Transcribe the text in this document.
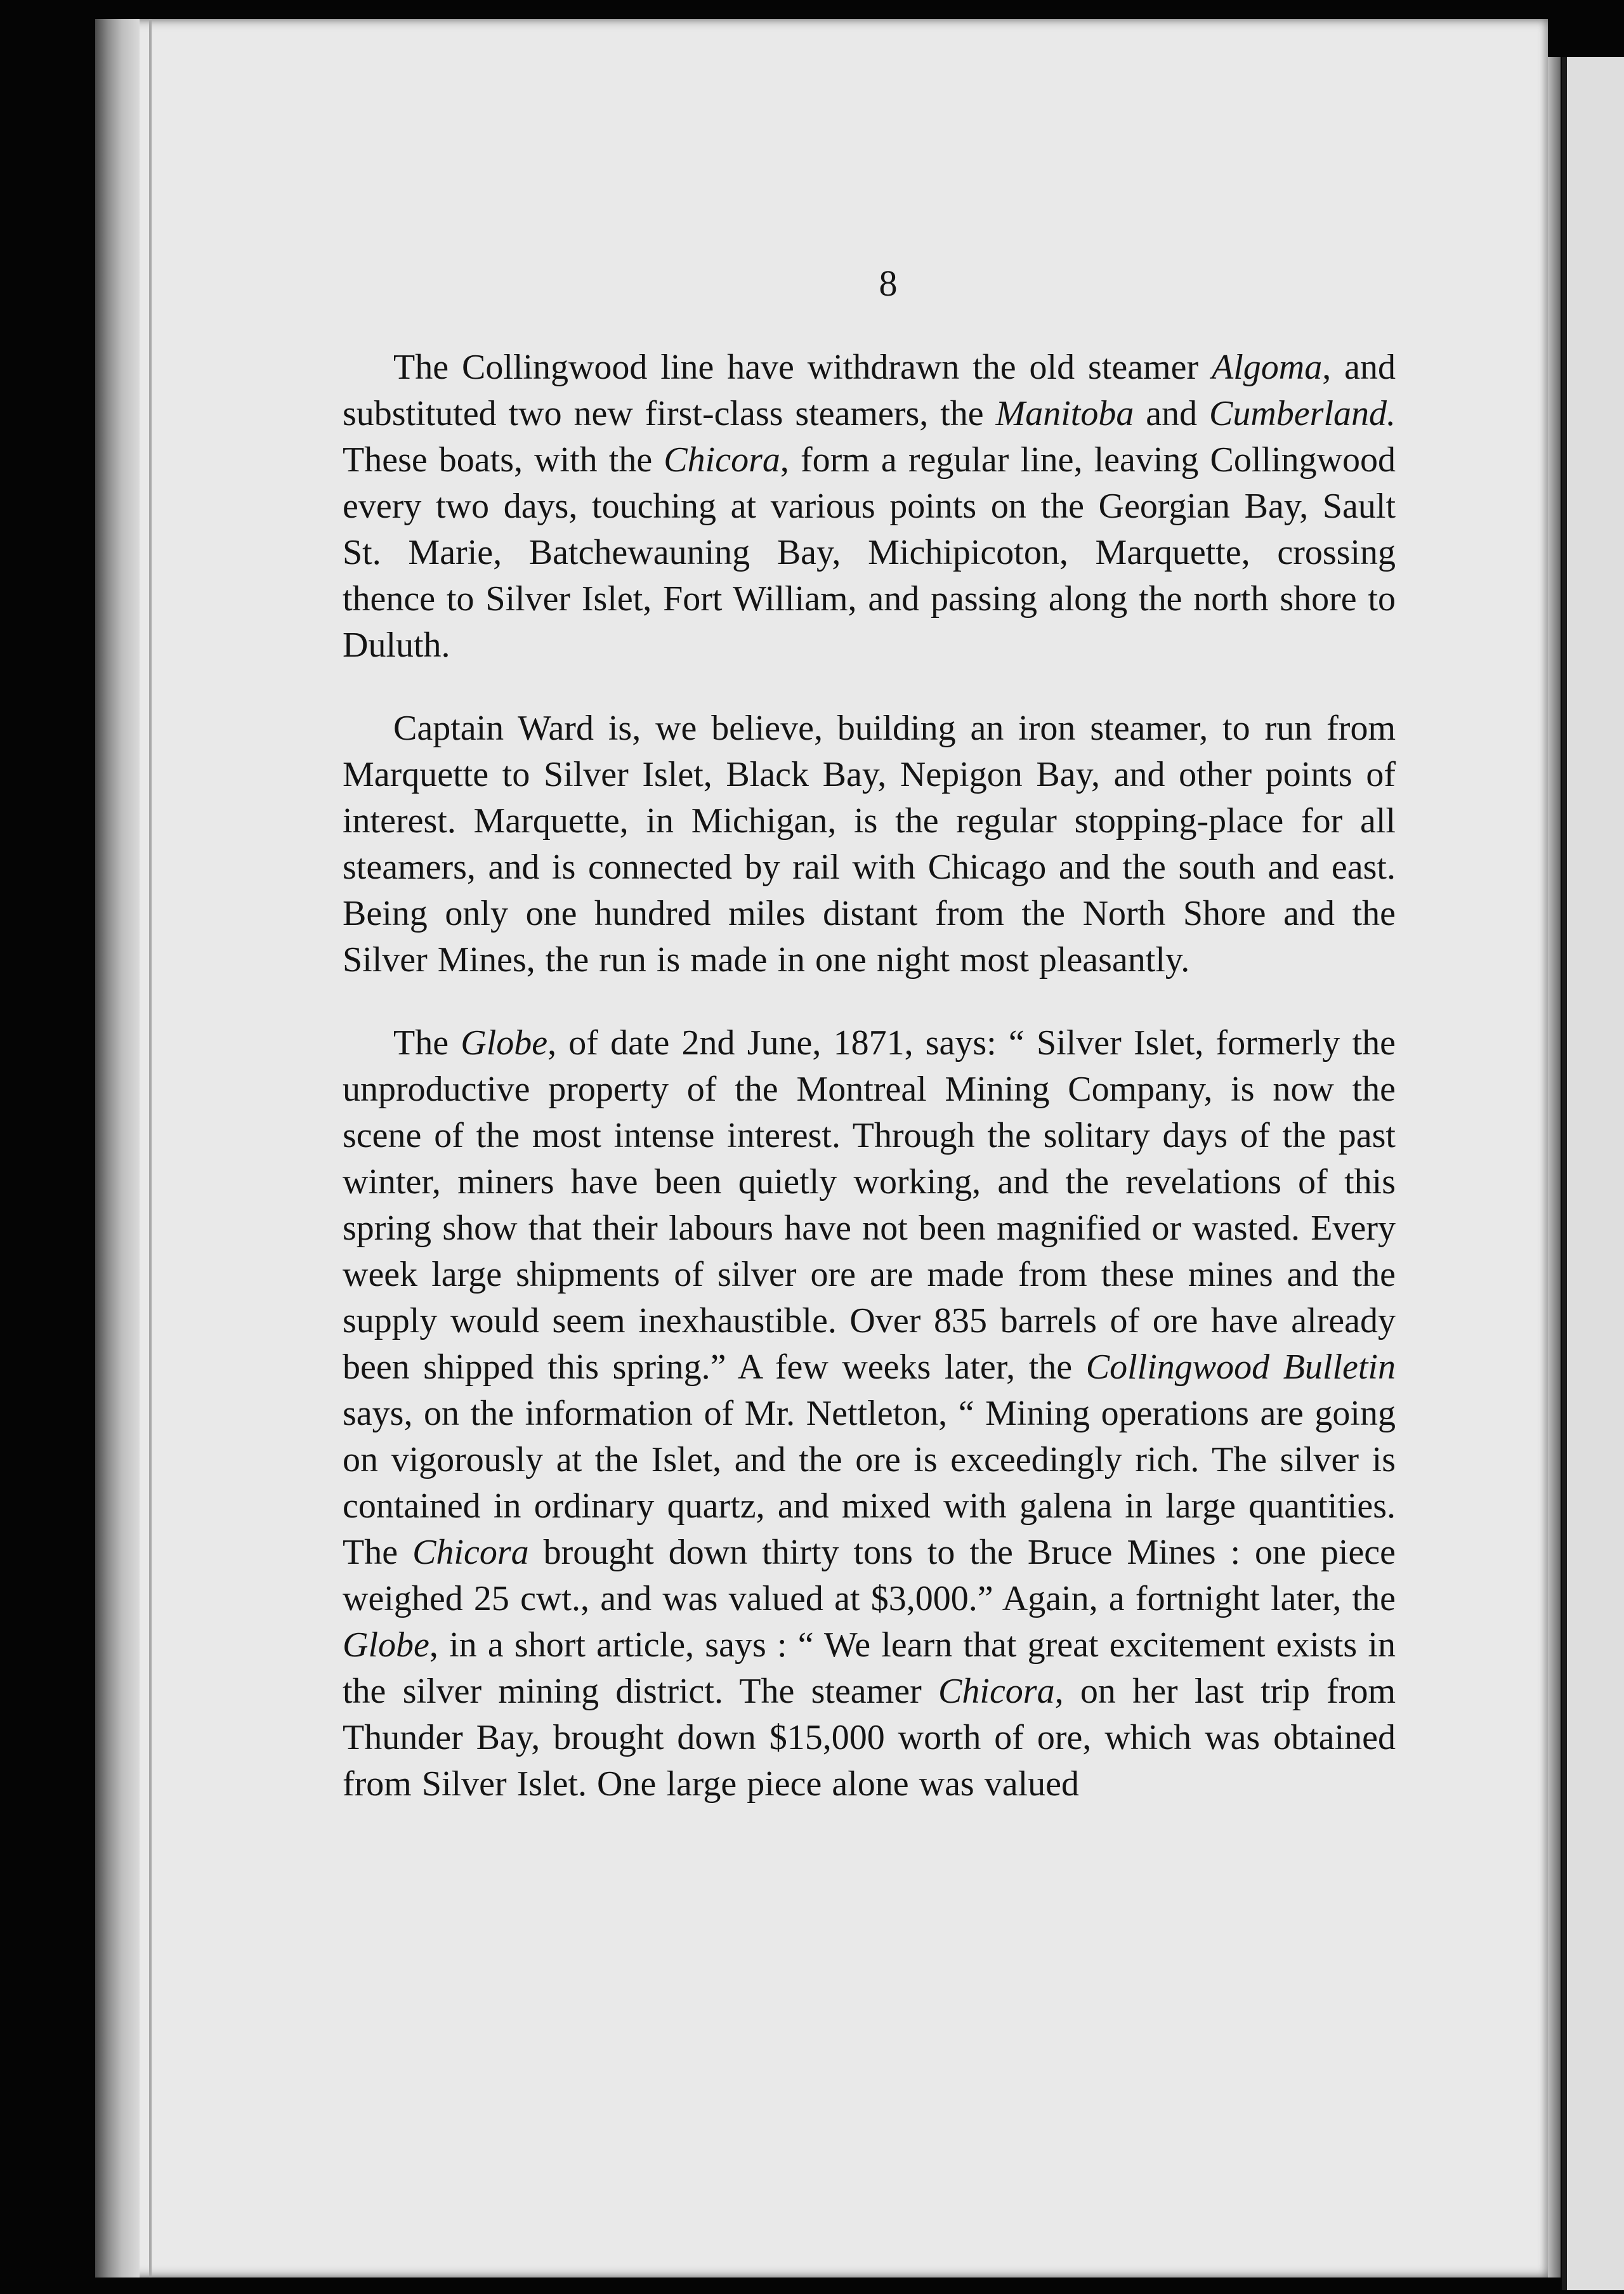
8

The Collingwood line have withdrawn the old steamer Algoma, and substituted two new first-class steamers, the Manitoba and Cumberland. These boats, with the Chicora, form a regular line, leaving Collingwood every two days, touching at various points on the Georgian Bay, Sault St. Marie, Batchewauning Bay, Michipicoton, Marquette, crossing thence to Silver Islet, Fort William, and passing along the north shore to Duluth.

Captain Ward is, we believe, building an iron steamer, to run from Marquette to Silver Islet, Black Bay, Nepigon Bay, and other points of interest. Marquette, in Michigan, is the regular stopping-place for all steamers, and is connected by rail with Chicago and the south and east. Being only one hundred miles distant from the North Shore and the Silver Mines, the run is made in one night most pleasantly.

The Globe, of date 2nd June, 1871, says: “ Silver Islet, formerly the unproductive property of the Montreal Mining Company, is now the scene of the most intense interest. Through the solitary days of the past winter, miners have been quietly working, and the revelations of this spring show that their labours have not been magnified or wasted. Every week large shipments of silver ore are made from these mines and the supply would seem inexhaustible. Over 835 barrels of ore have already been shipped this spring.” A few weeks later, the Collingwood Bulletin says, on the information of Mr. Nettleton, “ Mining operations are going on vigorously at the Islet, and the ore is exceedingly rich. The silver is contained in ordinary quartz, and mixed with galena in large quantities. The Chicora brought down thirty tons to the Bruce Mines : one piece weighed 25 cwt., and was valued at $3,000.” Again, a fortnight later, the Globe, in a short article, says : “ We learn that great excitement exists in the silver mining district. The steamer Chicora, on her last trip from Thunder Bay, brought down $15,000 worth of ore, which was obtained from Silver Islet. One large piece alone was valued
